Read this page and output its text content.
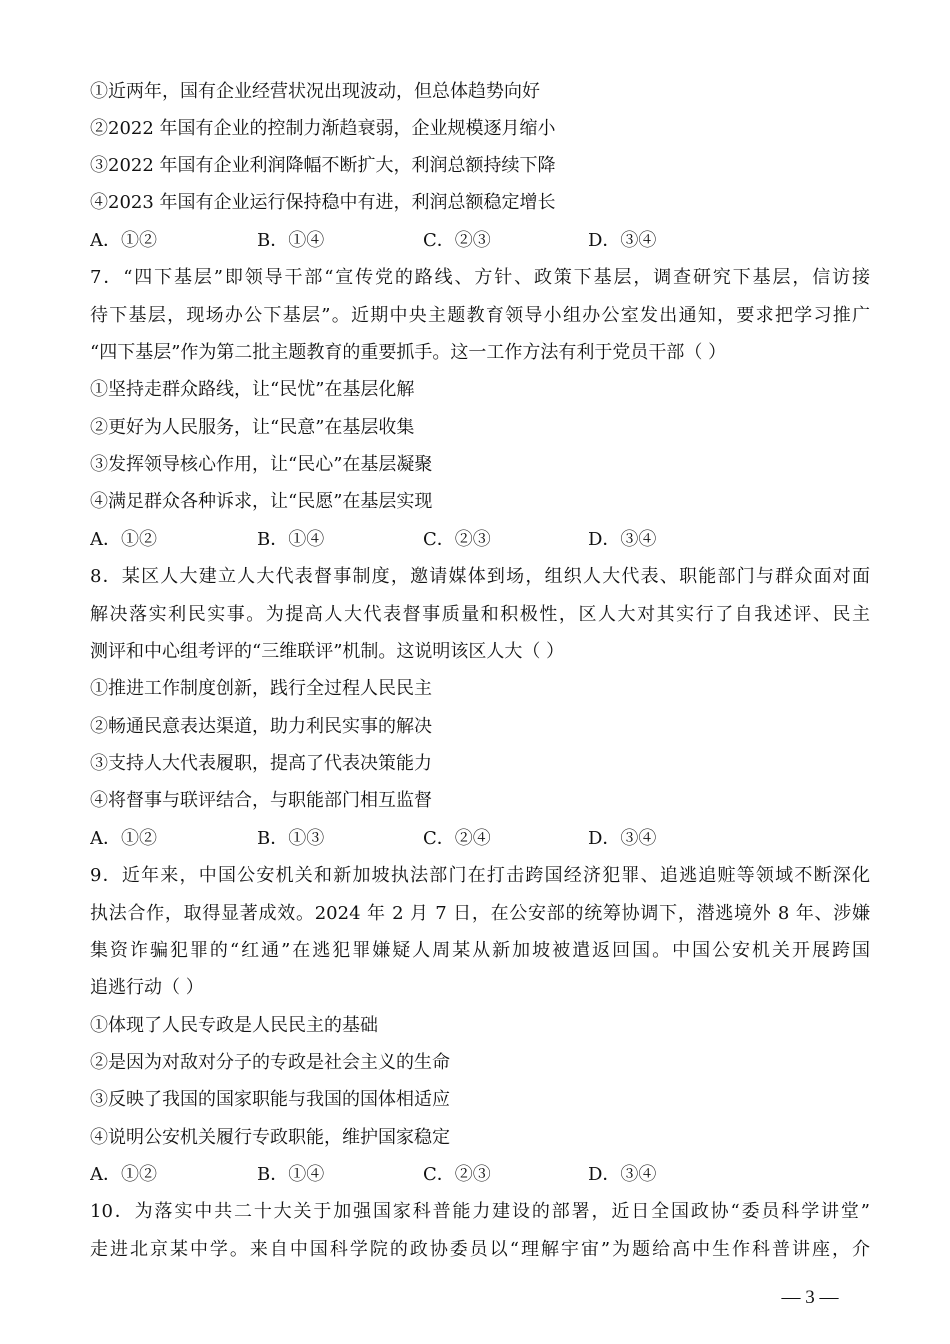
①近两年，国有企业经营状况出现波动，但总体趋势向好
②2022 年国有企业的控制力渐趋衰弱，企业规模逐月缩小
③2022 年国有企业利润降幅不断扩大，利润总额持续下降
④2023 年国有企业运行保持稳中有进，利润总额稳定增长
A．①②	B．①④	C．②③	D．③④
7．“四下基层”即领导干部“宣传党的路线、方针、政策下基层，调查研究下基层，信访接
待下基层，现场办公下基层”。近期中央主题教育领导小组办公室发出通知，要求把学习推广
“四下基层”作为第二批主题教育的重要抓手。这一工作方法有利于党员干部（ ）
①坚持走群众路线，让“民忧”在基层化解
②更好为人民服务，让“民意”在基层收集
③发挥领导核心作用，让“民心”在基层凝聚
④满足群众各种诉求，让“民愿”在基层实现
A．①②	B．①④	C．②③	D．③④
8．某区人大建立人大代表督事制度，邀请媒体到场，组织人大代表、职能部门与群众面对面
解决落实利民实事。为提高人大代表督事质量和积极性，区人大对其实行了自我述评、民主
测评和中心组考评的“三维联评”机制。这说明该区人大（ ）
①推进工作制度创新，践行全过程人民民主
②畅通民意表达渠道，助力利民实事的解决
③支持人大代表履职，提高了代表决策能力
④将督事与联评结合，与职能部门相互监督
A．①②	B．①③	C．②④	D．③④
9．近年来，中国公安机关和新加坡执法部门在打击跨国经济犯罪、追逃追赃等领域不断深化
执法合作，取得显著成效。2024 年 2 月 7 日，在公安部的统筹协调下，潜逃境外 8 年、涉嫌
集资诈骗犯罪的“红通”在逃犯罪嫌疑人周某从新加坡被遣返回国。中国公安机关开展跨国
追逃行动（ ）
①体现了人民专政是人民民主的基础
②是因为对敌对分子的专政是社会主义的生命
③反映了我国的国家职能与我国的国体相适应
④说明公安机关履行专政职能，维护国家稳定
A．①②	B．①④	C．②③	D．③④
10．为落实中共二十大关于加强国家科普能力建设的部署，近日全国政协“委员科学讲堂”
走进北京某中学。来自中国科学院的政协委员以“理解宇宙”为题给高中生作科普讲座，介
— 3 —
